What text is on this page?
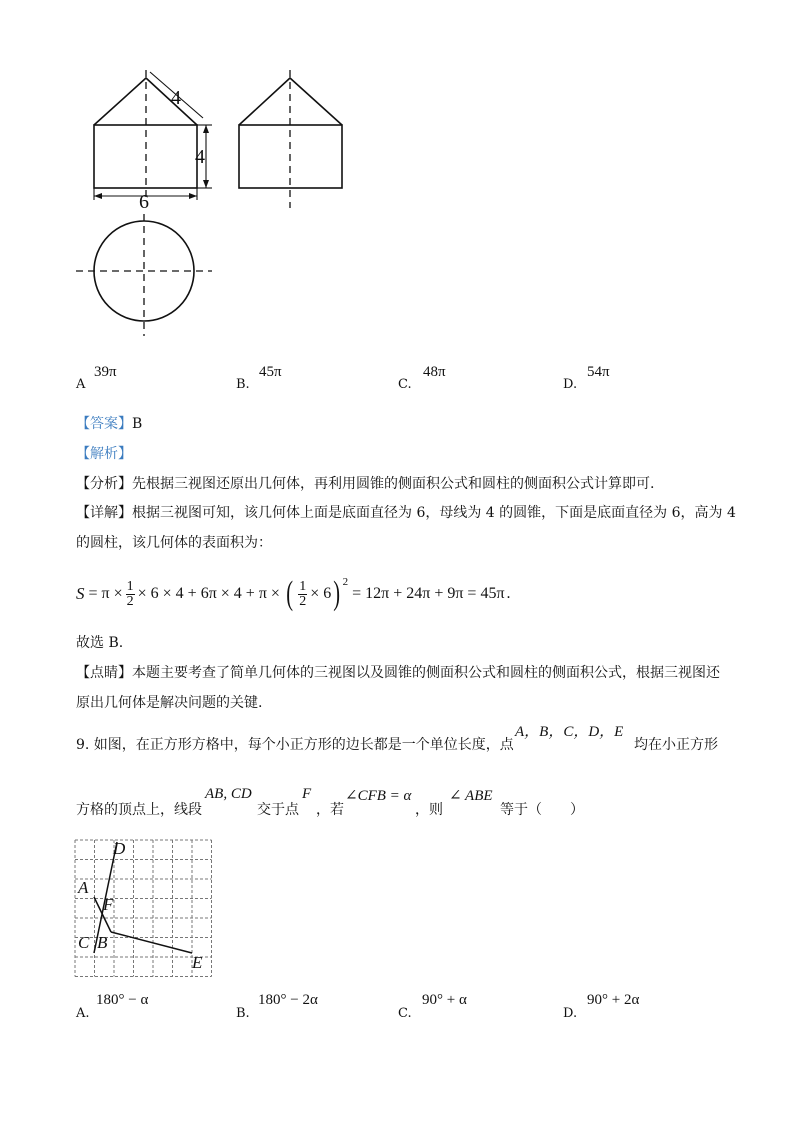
4
4
6
A
39π
B.
45π
C.
48π
D.
54π
【答案】B
【解析】
【分析】先根据三视图还原出几何体，再利用圆锥的侧面积公式和圆柱的侧面积公式计算即可.
【详解】根据三视图可知，该几何体上面是底面直径为 6，母线为 4 的圆锥，下面是底面直径为 6，高为 4
的圆柱，该几何体的表面积为：
$S = \pi \times \frac{1}{2} \times 6 \times 4 + 6\pi \times 4 + \pi$ × ( $\frac{1}{2} \times 6$ )$^2$
= 12π + 24π + 9π = 45π .
故选 B.
【点睛】本题主要考查了简单几何体的三视图以及圆锥的侧面积公式和圆柱的侧面积公式，根据三视图还
原出几何体是解决问题的关键.
9. 如图，在正方形方格中，每个小正方形的边长都是一个单位长度，点
A，B，C，D，E
均在小正方形
方格的顶点上，线段
AB, CD
交于点
F
，若
∠CFB = α
，则
∠ ABE
等于（　　）
D
A
F
C B
E
A.
180° − α
B.
180° − 2α
C.
90° + α
D.
90° + 2α
